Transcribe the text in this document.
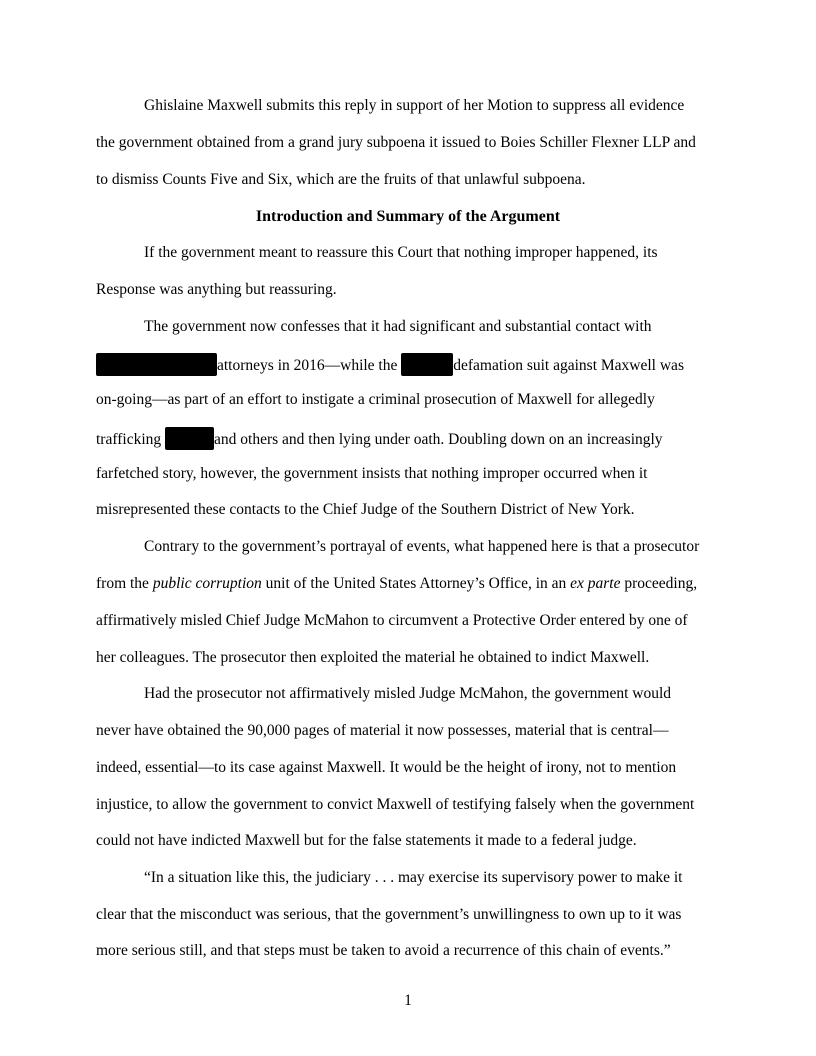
Ghislaine Maxwell submits this reply in support of her Motion to suppress all evidence
the government obtained from a grand jury subpoena it issued to Boies Schiller Flexner LLP and
to dismiss Counts Five and Six, which are the fruits of that unlawful subpoena.
Introduction and Summary of the Argument
If the government meant to reassure this Court that nothing improper happened, its
Response was anything but reassuring.
The government now confesses that it had significant and substantial contact with
attorneys in 2016—while the	defamation suit against Maxwell was
on-going—as part of an effort to instigate a criminal prosecution of Maxwell for allegedly
trafficking	and others and then lying under oath. Doubling down on an increasingly
farfetched story, however, the government insists that nothing improper occurred when it
misrepresented these contacts to the Chief Judge of the Southern District of New York.
Contrary to the government’s portrayal of events, what happened here is that a prosecutor
from the public corruption unit of the United States Attorney’s Office, in an ex parte proceeding,
affirmatively misled Chief Judge McMahon to circumvent a Protective Order entered by one of
her colleagues. The prosecutor then exploited the material he obtained to indict Maxwell.
Had the prosecutor not affirmatively misled Judge McMahon, the government would
never have obtained the 90,000 pages of material it now possesses, material that is central—
indeed, essential—to its case against Maxwell. It would be the height of irony, not to mention
injustice, to allow the government to convict Maxwell of testifying falsely when the government
could not have indicted Maxwell but for the false statements it made to a federal judge.
“In a situation like this, the judiciary . . . may exercise its supervisory power to make it
clear that the misconduct was serious, that the government’s unwillingness to own up to it was
more serious still, and that steps must be taken to avoid a recurrence of this chain of events.”
1
